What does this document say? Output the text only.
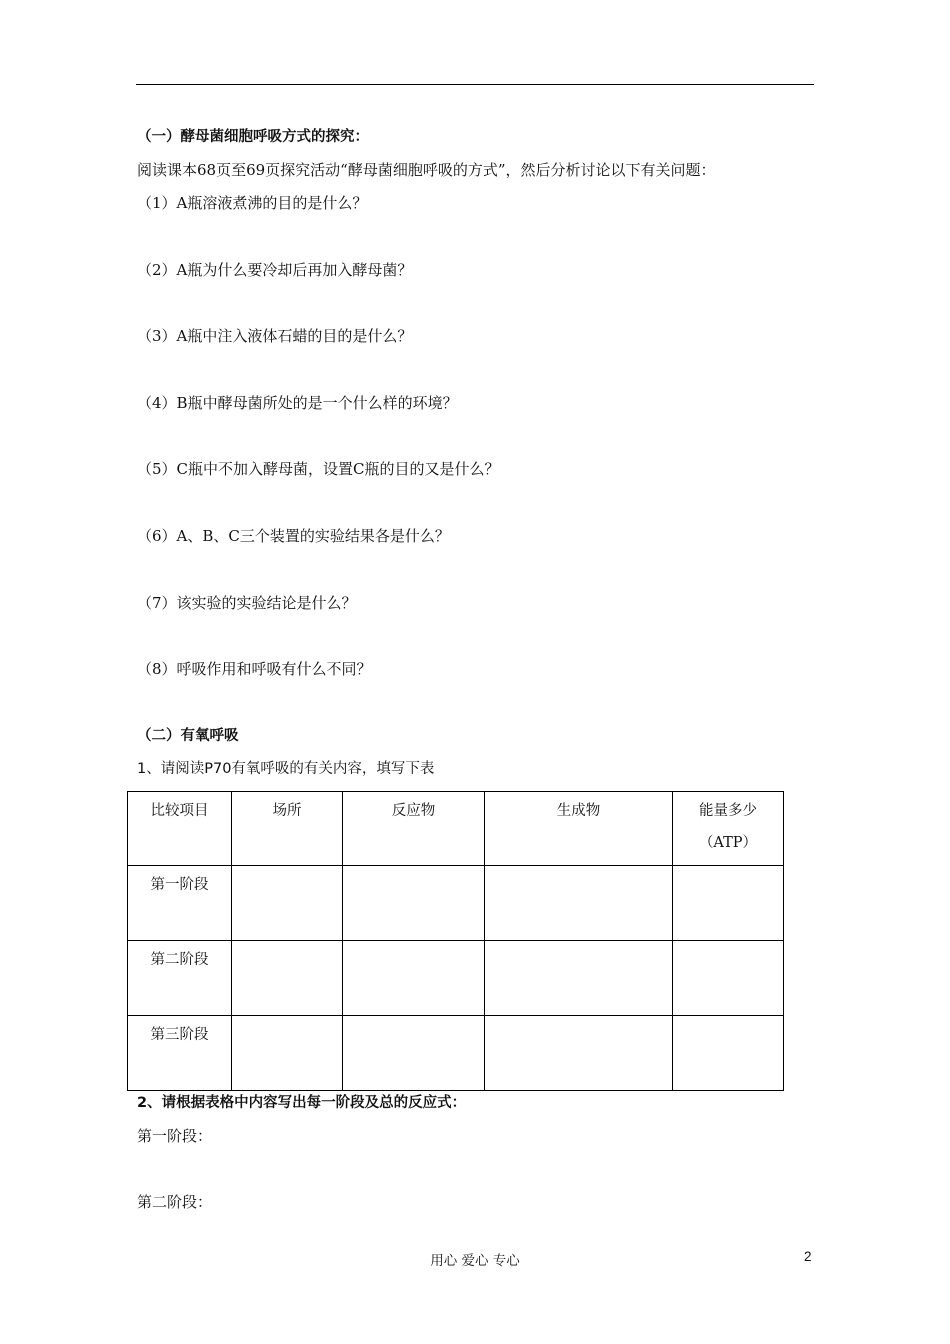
（一）酵母菌细胞呼吸方式的探究：
阅读课本68页至69页探究活动“酵母菌细胞呼吸的方式”，然后分析讨论以下有关问题：
（1）A瓶溶液煮沸的目的是什么？
（2）A瓶为什么要冷却后再加入酵母菌？
（3）A瓶中注入液体石蜡的目的是什么？
（4）B瓶中酵母菌所处的是一个什么样的环境？
（5）C瓶中不加入酵母菌，设置C瓶的目的又是什么？
（6）A、B、C三个装置的实验结果各是什么？
（7）该实验的实验结论是什么？
（8）呼吸作用和呼吸有什么不同？
（二）有氧呼吸
1、请阅读P70有氧呼吸的有关内容，填写下表
比较项目	场所	反应物	生成物	能量多少
（ATP）

第一阶段				
第二阶段				
第三阶段				
2、请根据表格中内容写出每一阶段及总的反应式：
第一阶段：
第二阶段：
用心 爱心 专心	2
